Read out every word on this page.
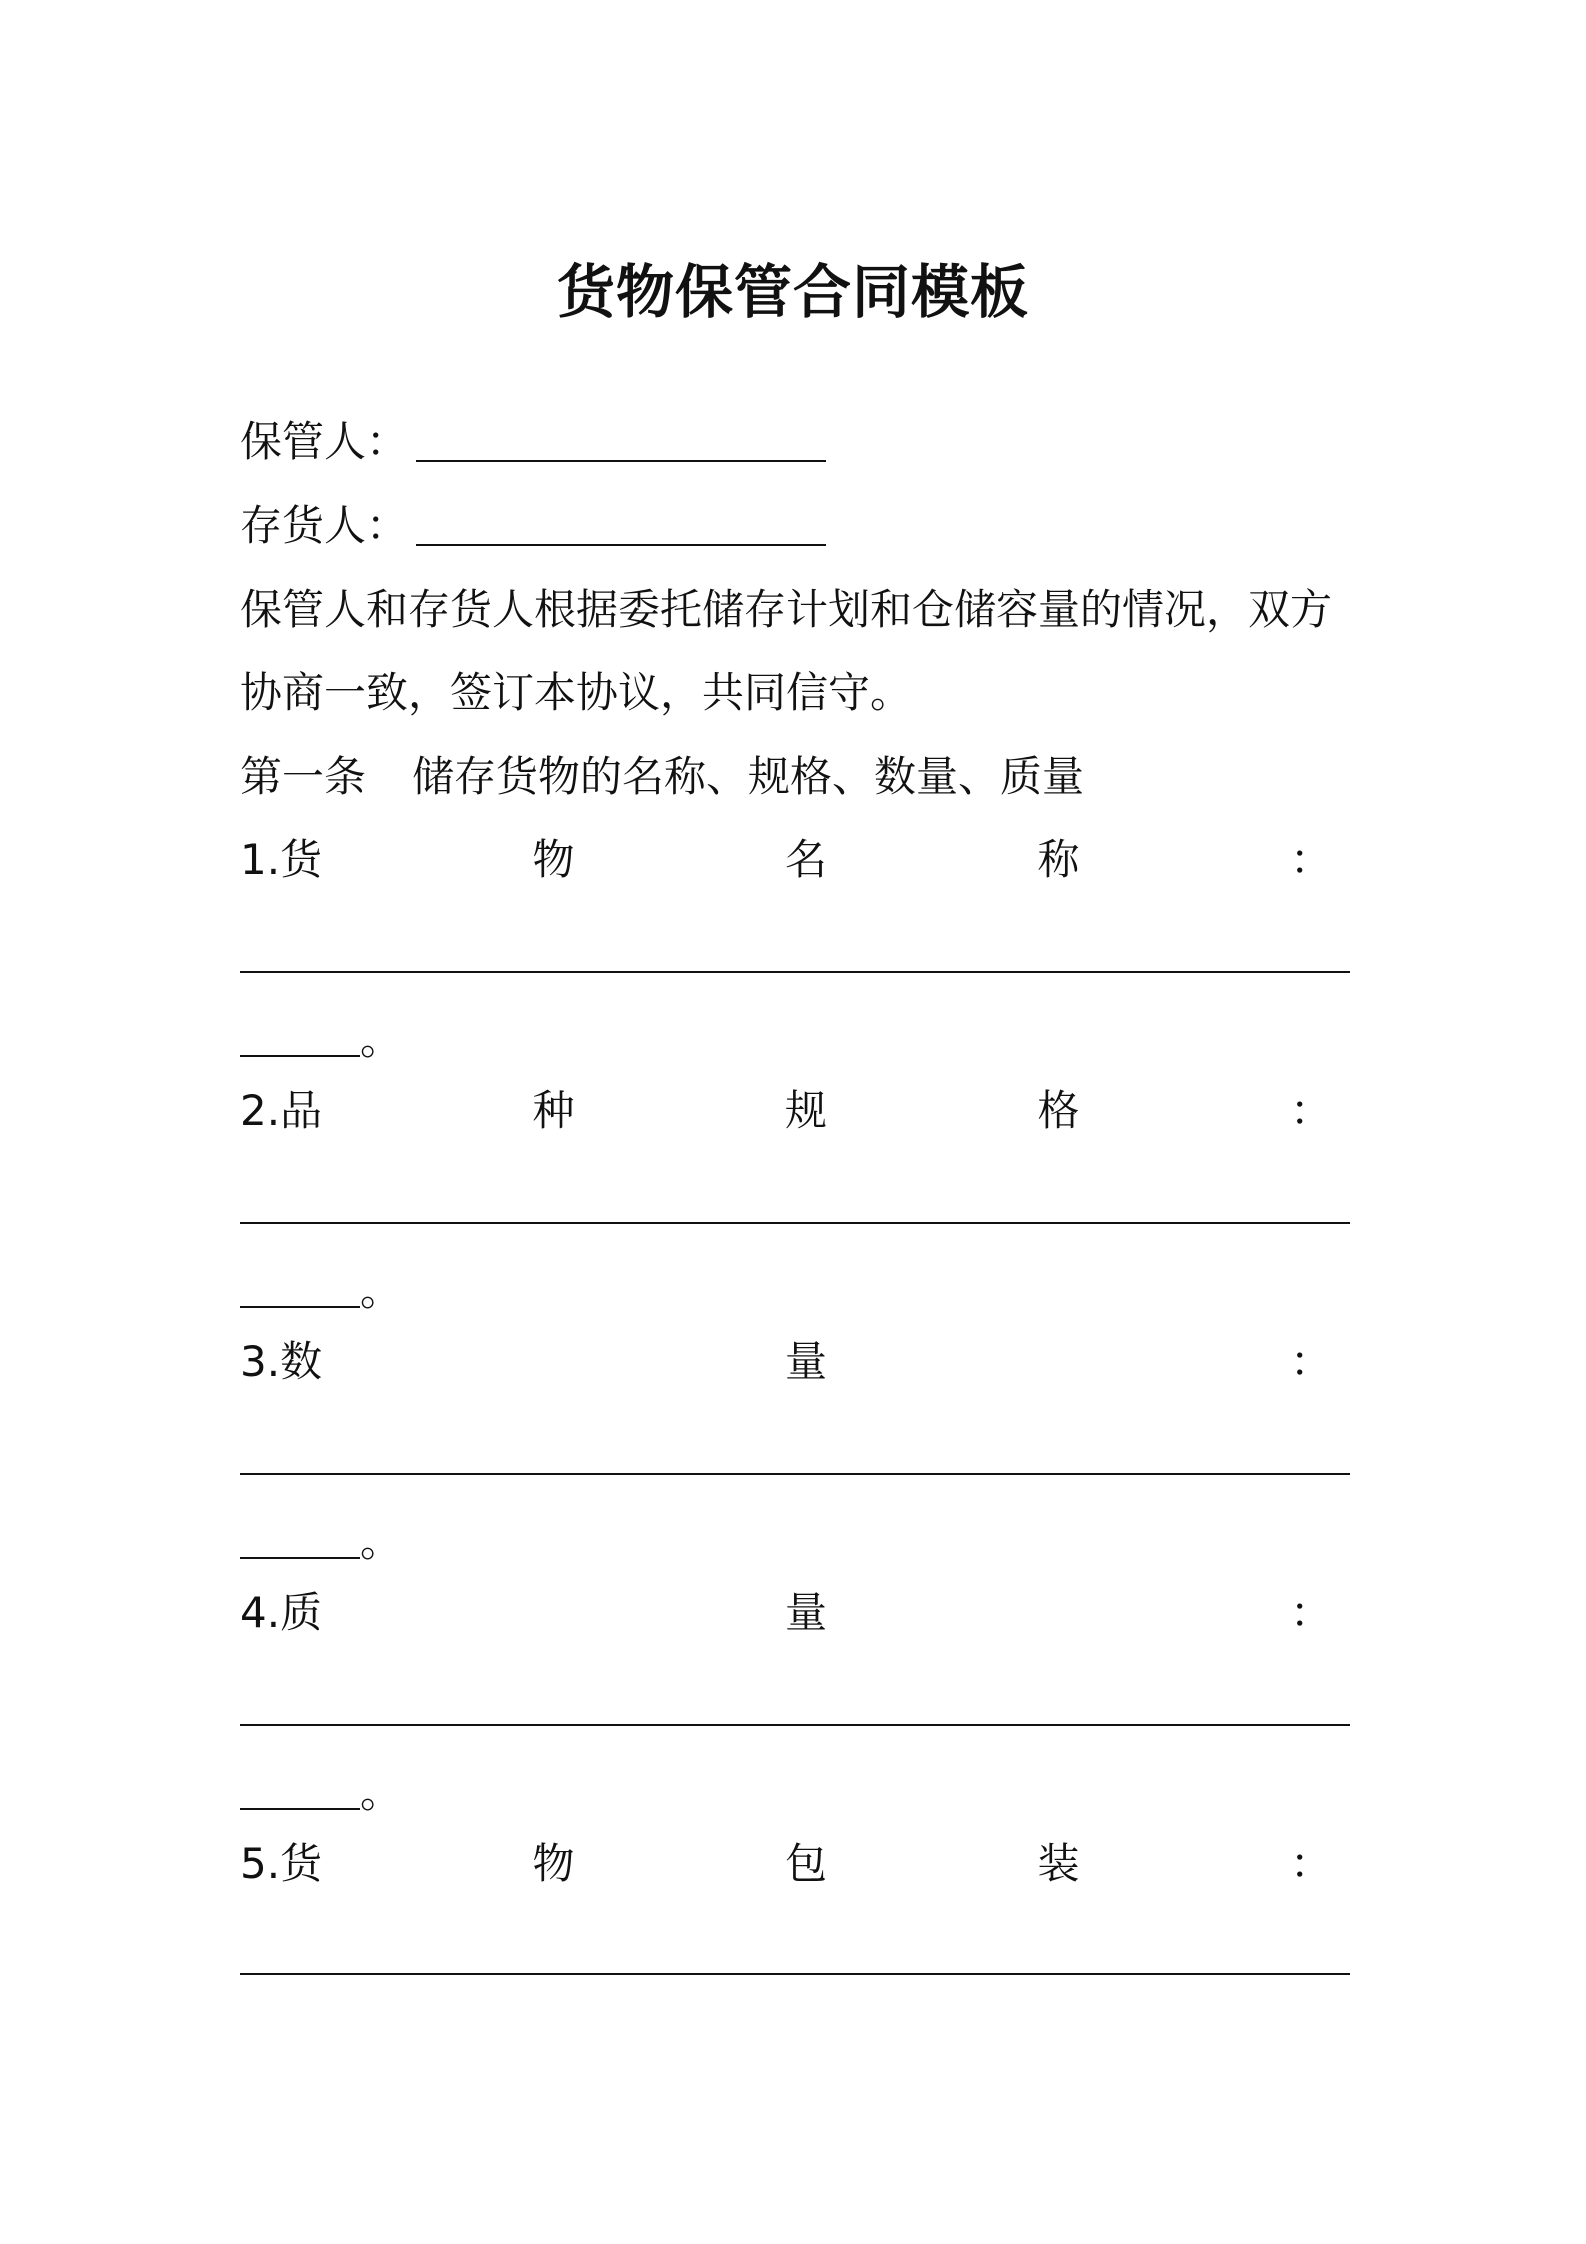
货物保管合同模板
保管人：
存货人：
保管人和存货人根据委托储存计划和仓储容量的情况，双方
协商一致，签订本协议，共同信守。
第一条 储存货物的名称、规格、数量、质量
1.货	物	名	称	：
。
2.品	种	规	格	：
。
3.数	量	：
。
4.质	量	：
。
5.货	物	包	装	：
